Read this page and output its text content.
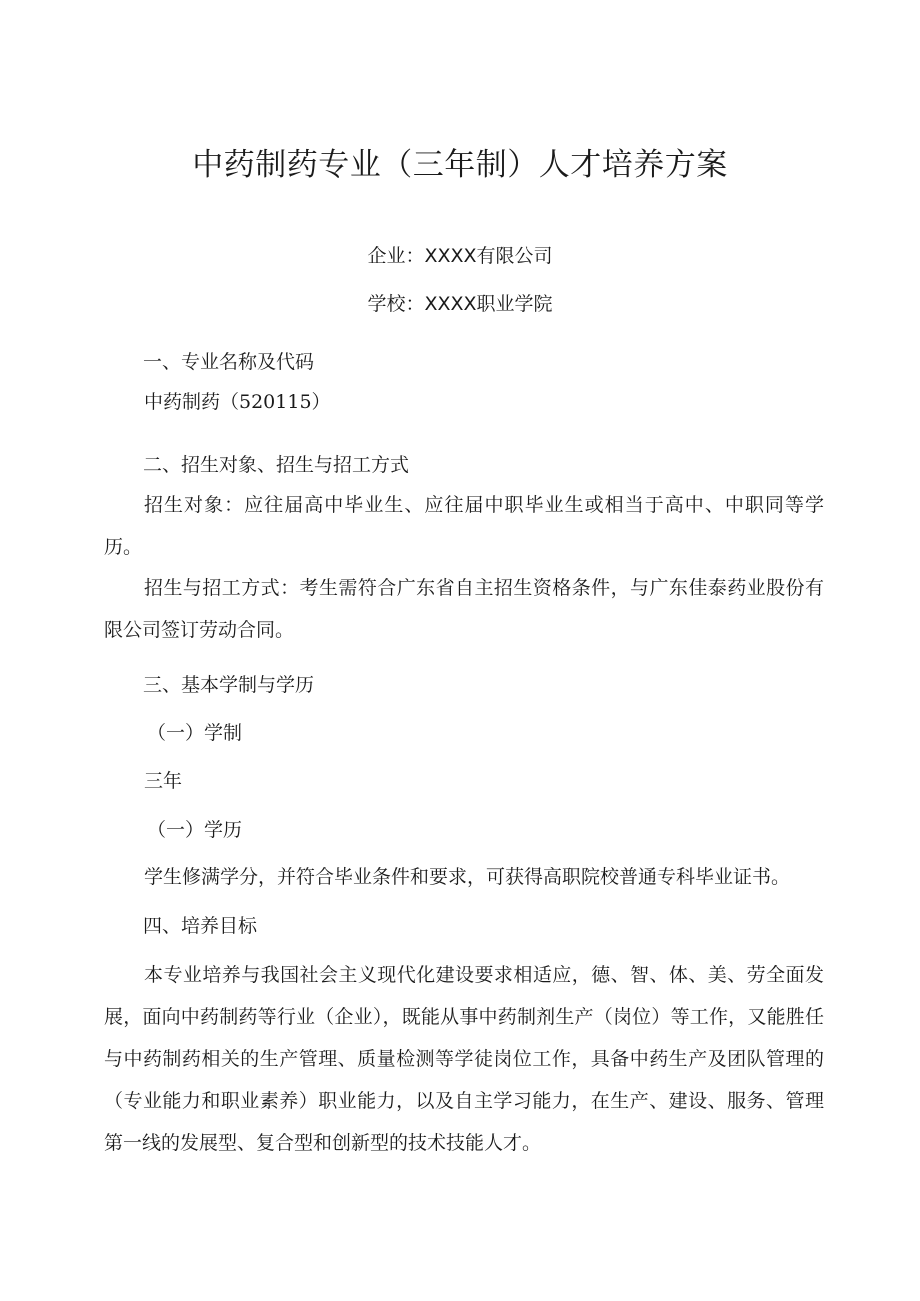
中药制药专业（三年制）人才培养方案
企业：XXXX有限公司
学校：XXXX职业学院
一、专业名称及代码
中药制药（520115）
二、招生对象、招生与招工方式
招生对象：应往届高中毕业生、应往届中职毕业生或相当于高中、中职同等学历。
招生与招工方式：考生需符合广东省自主招生资格条件，与广东佳泰药业股份有限公司签订劳动合同。
三、基本学制与学历
（一）学制
三年
（一）学历
学生修满学分，并符合毕业条件和要求，可获得高职院校普通专科毕业证书。
四、培养目标
本专业培养与我国社会主义现代化建设要求相适应，德、智、体、美、劳全面发展，面向中药制药等行业（企业），既能从事中药制剂生产（岗位）等工作，又能胜任与中药制药相关的生产管理、质量检测等学徒岗位工作，具备中药生产及团队管理的（专业能力和职业素养）职业能力，以及自主学习能力，在生产、建设、服务、管理第一线的发展型、复合型和创新型的技术技能人才。
